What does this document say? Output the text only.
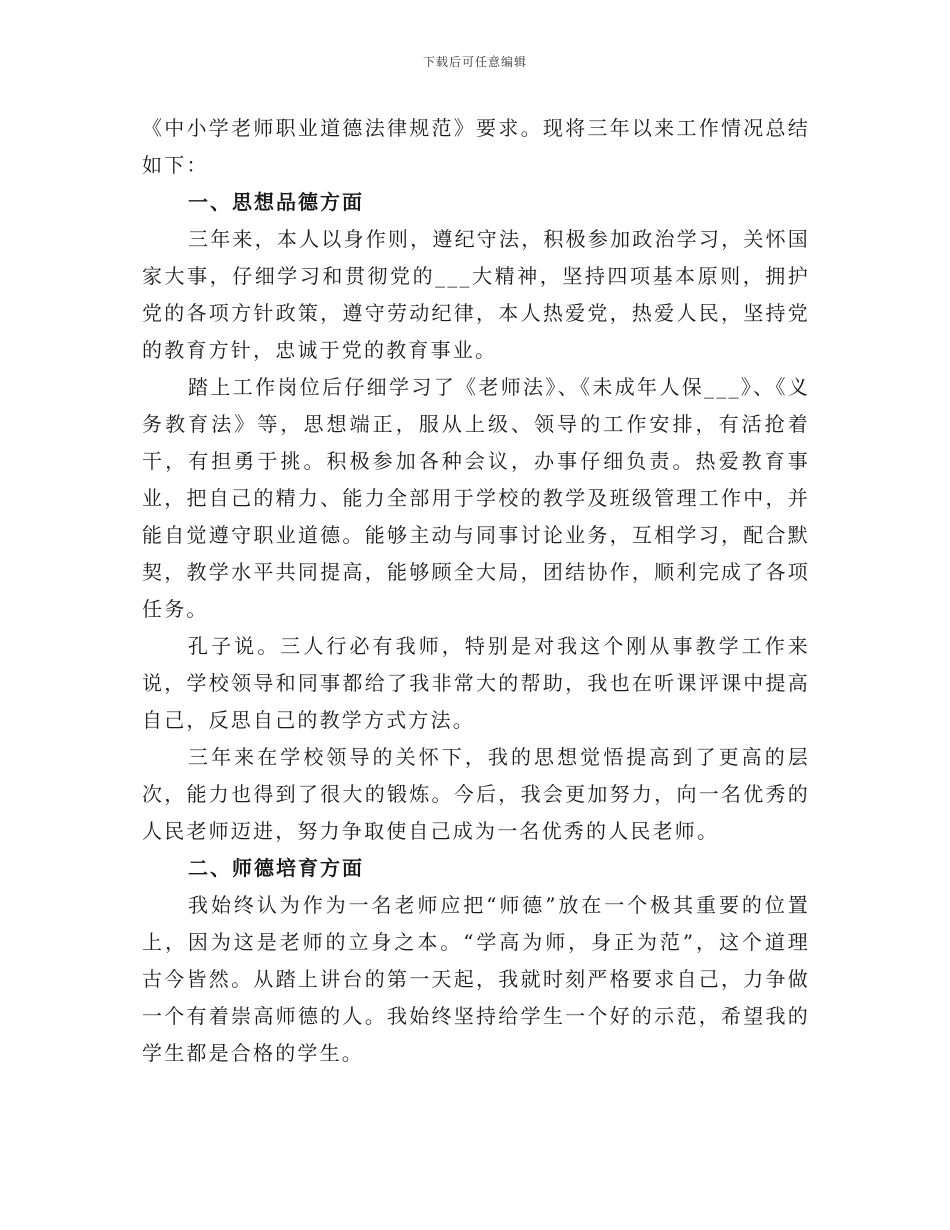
下载后可任意编辑

《中小学老师职业道德法律规范》要求。现将三年以来工作情况总结如下：

一、思想品德方面

三年来，本人以身作则，遵纪守法，积极参加政治学习，关怀国家大事，仔细学习和贯彻党的___大精神，坚持四项基本原则，拥护党的各项方针政策，遵守劳动纪律，本人热爱党，热爱人民，坚持党的教育方针，忠诚于党的教育事业。

踏上工作岗位后仔细学习了《老师法》、《未成年人保___》、《义务教育法》等，思想端正，服从上级、领导的工作安排，有活抢着干，有担勇于挑。积极参加各种会议，办事仔细负责。热爱教育事业，把自己的精力、能力全部用于学校的教学及班级管理工作中，并能自觉遵守职业道德。能够主动与同事讨论业务，互相学习，配合默契，教学水平共同提高，能够顾全大局，团结协作，顺利完成了各项任务。

孔子说。三人行必有我师，特别是对我这个刚从事教学工作来说，学校领导和同事都给了我非常大的帮助，我也在听课评课中提高自己，反思自己的教学方式方法。

三年来在学校领导的关怀下，我的思想觉悟提高到了更高的层次，能力也得到了很大的锻炼。今后，我会更加努力，向一名优秀的人民老师迈进，努力争取使自己成为一名优秀的人民老师。

二、师德培育方面

我始终认为作为一名老师应把“师德”放在一个极其重要的位置上，因为这是老师的立身之本。“学高为师，身正为范”，这个道理古今皆然。从踏上讲台的第一天起，我就时刻严格要求自己，力争做一个有着崇高师德的人。我始终坚持给学生一个好的示范，希望我的学生都是合格的学生。
